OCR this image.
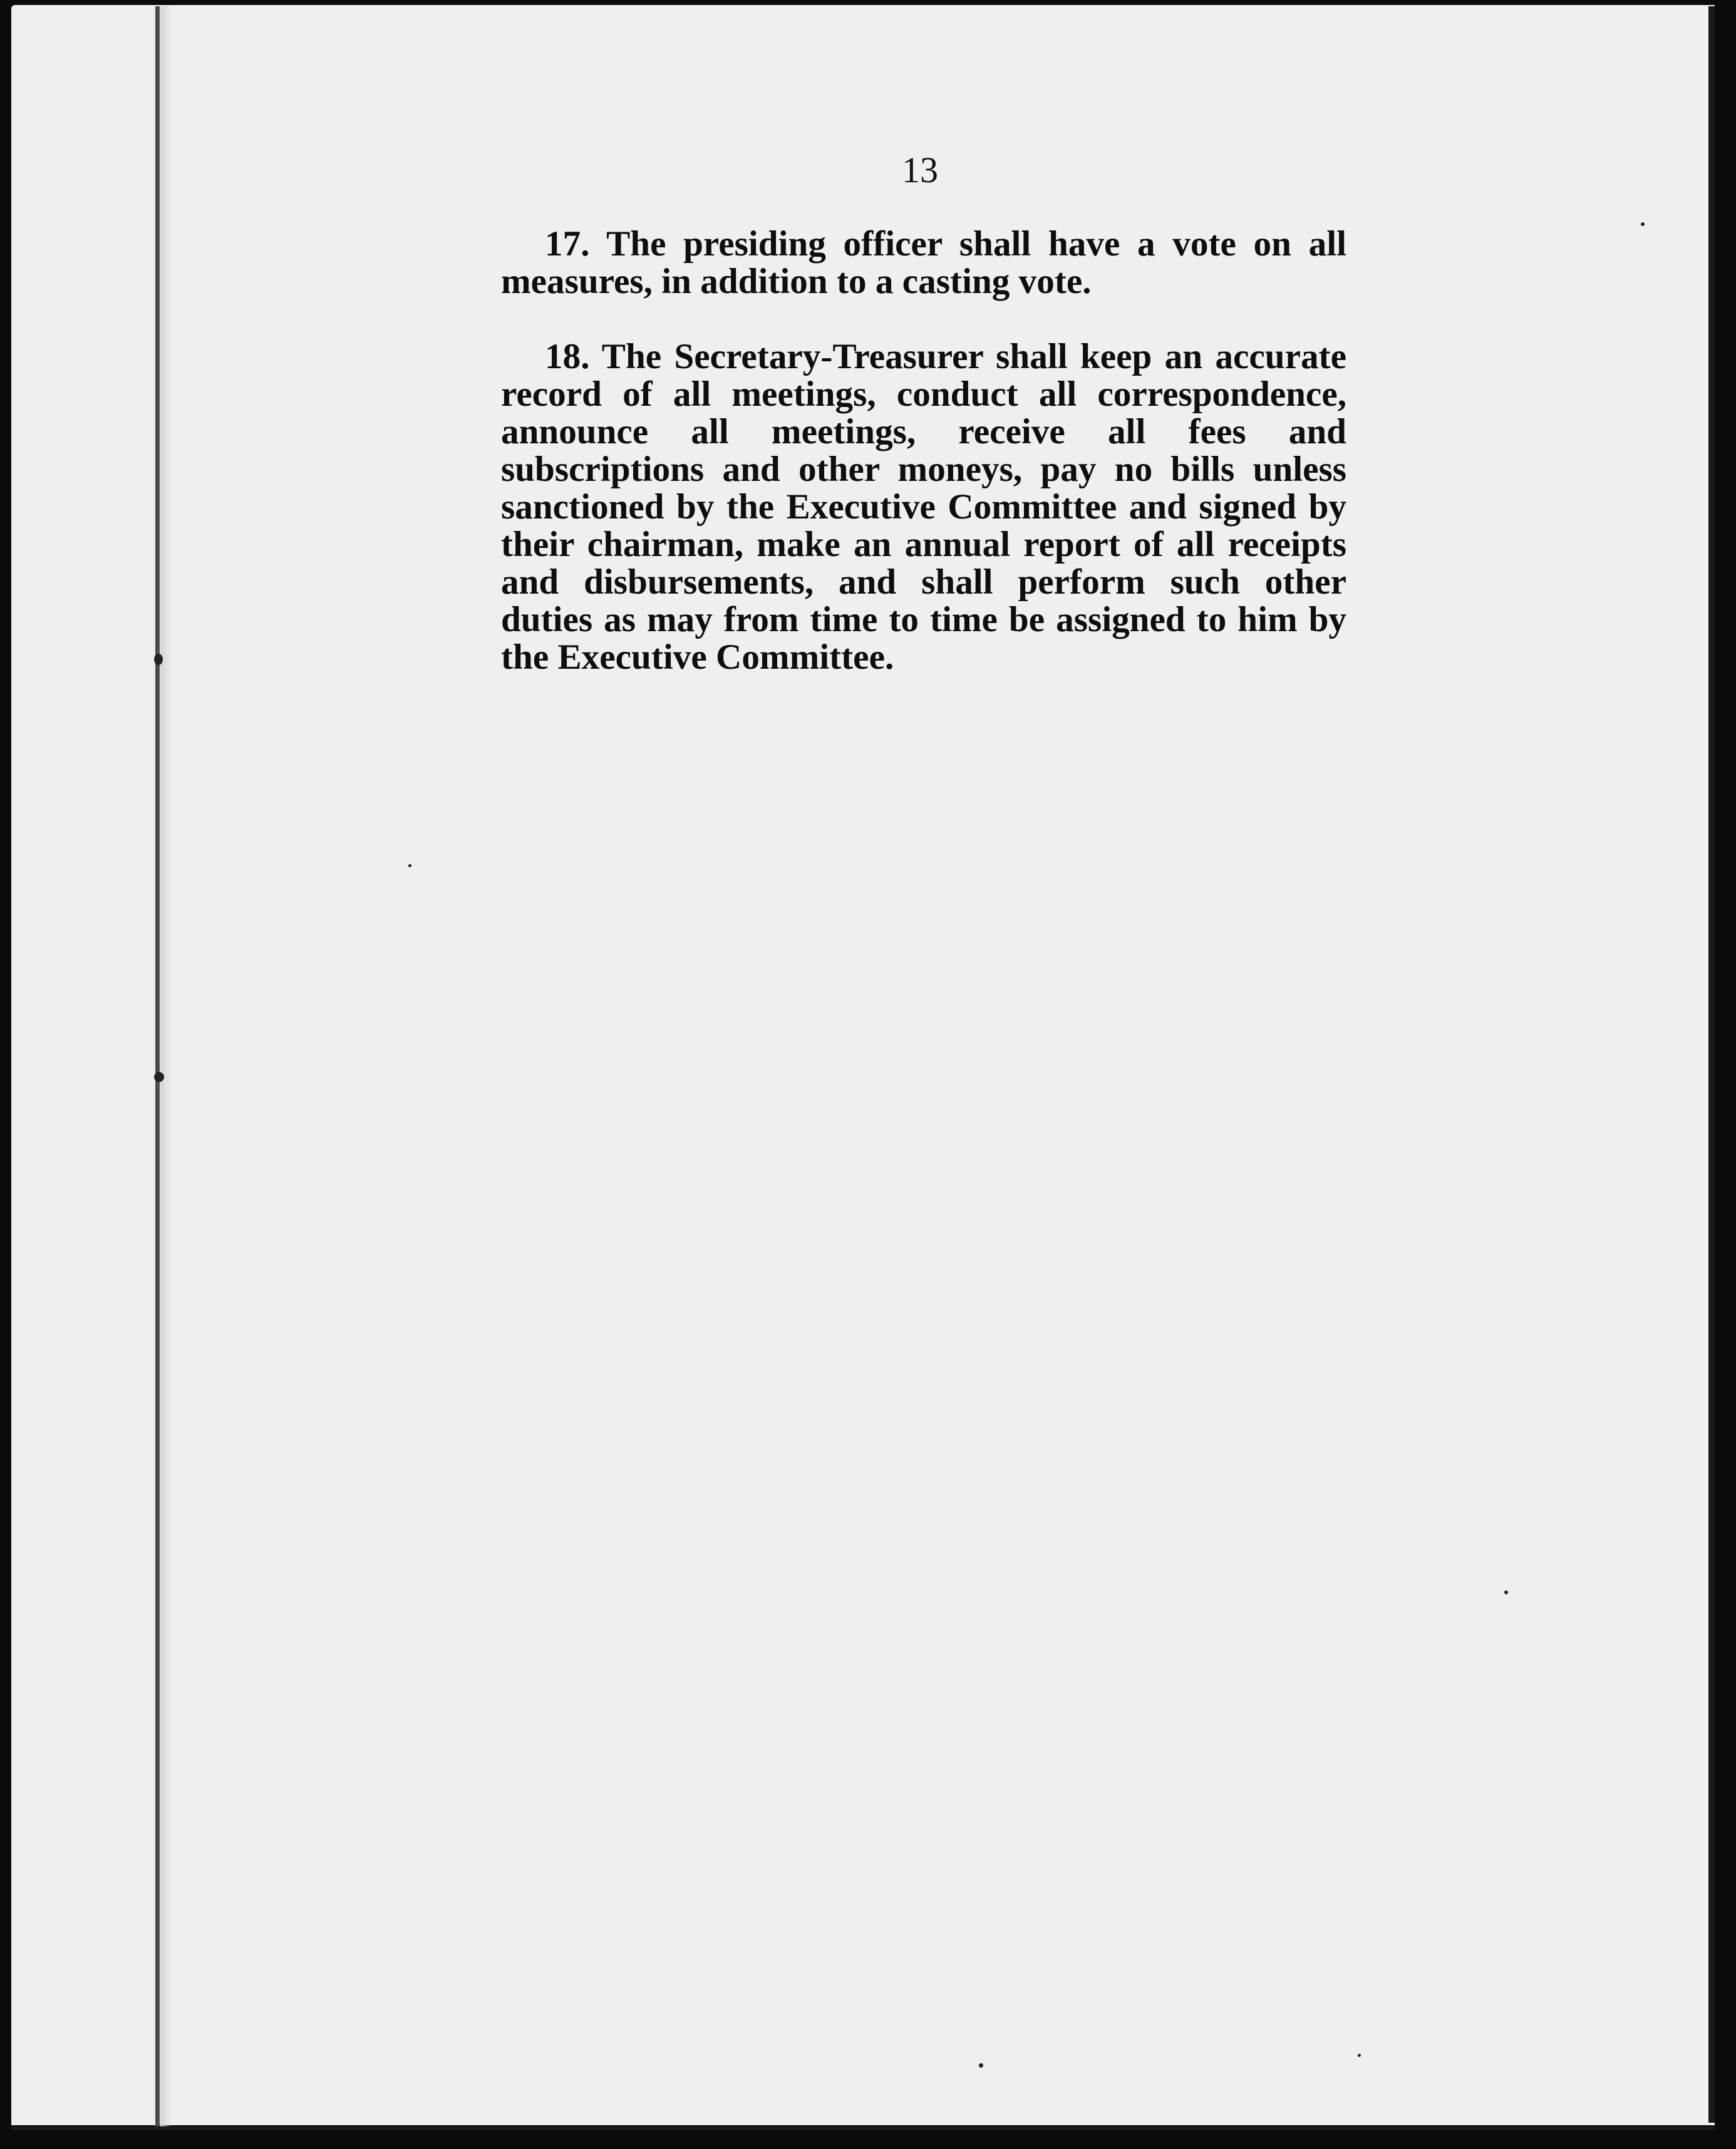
13

17. The presiding officer shall have a vote on all measures, in addition to a casting vote.

18. The Secretary-Treasurer shall keep an accurate record of all meetings, conduct all correspondence, announce all meetings, receive all fees and subscriptions and other moneys, pay no bills unless sanctioned by the Executive Committee and signed by their chairman, make an annual report of all receipts and disbursements, and shall perform such other duties as may from time to time be assigned to him by the Executive Committee.
